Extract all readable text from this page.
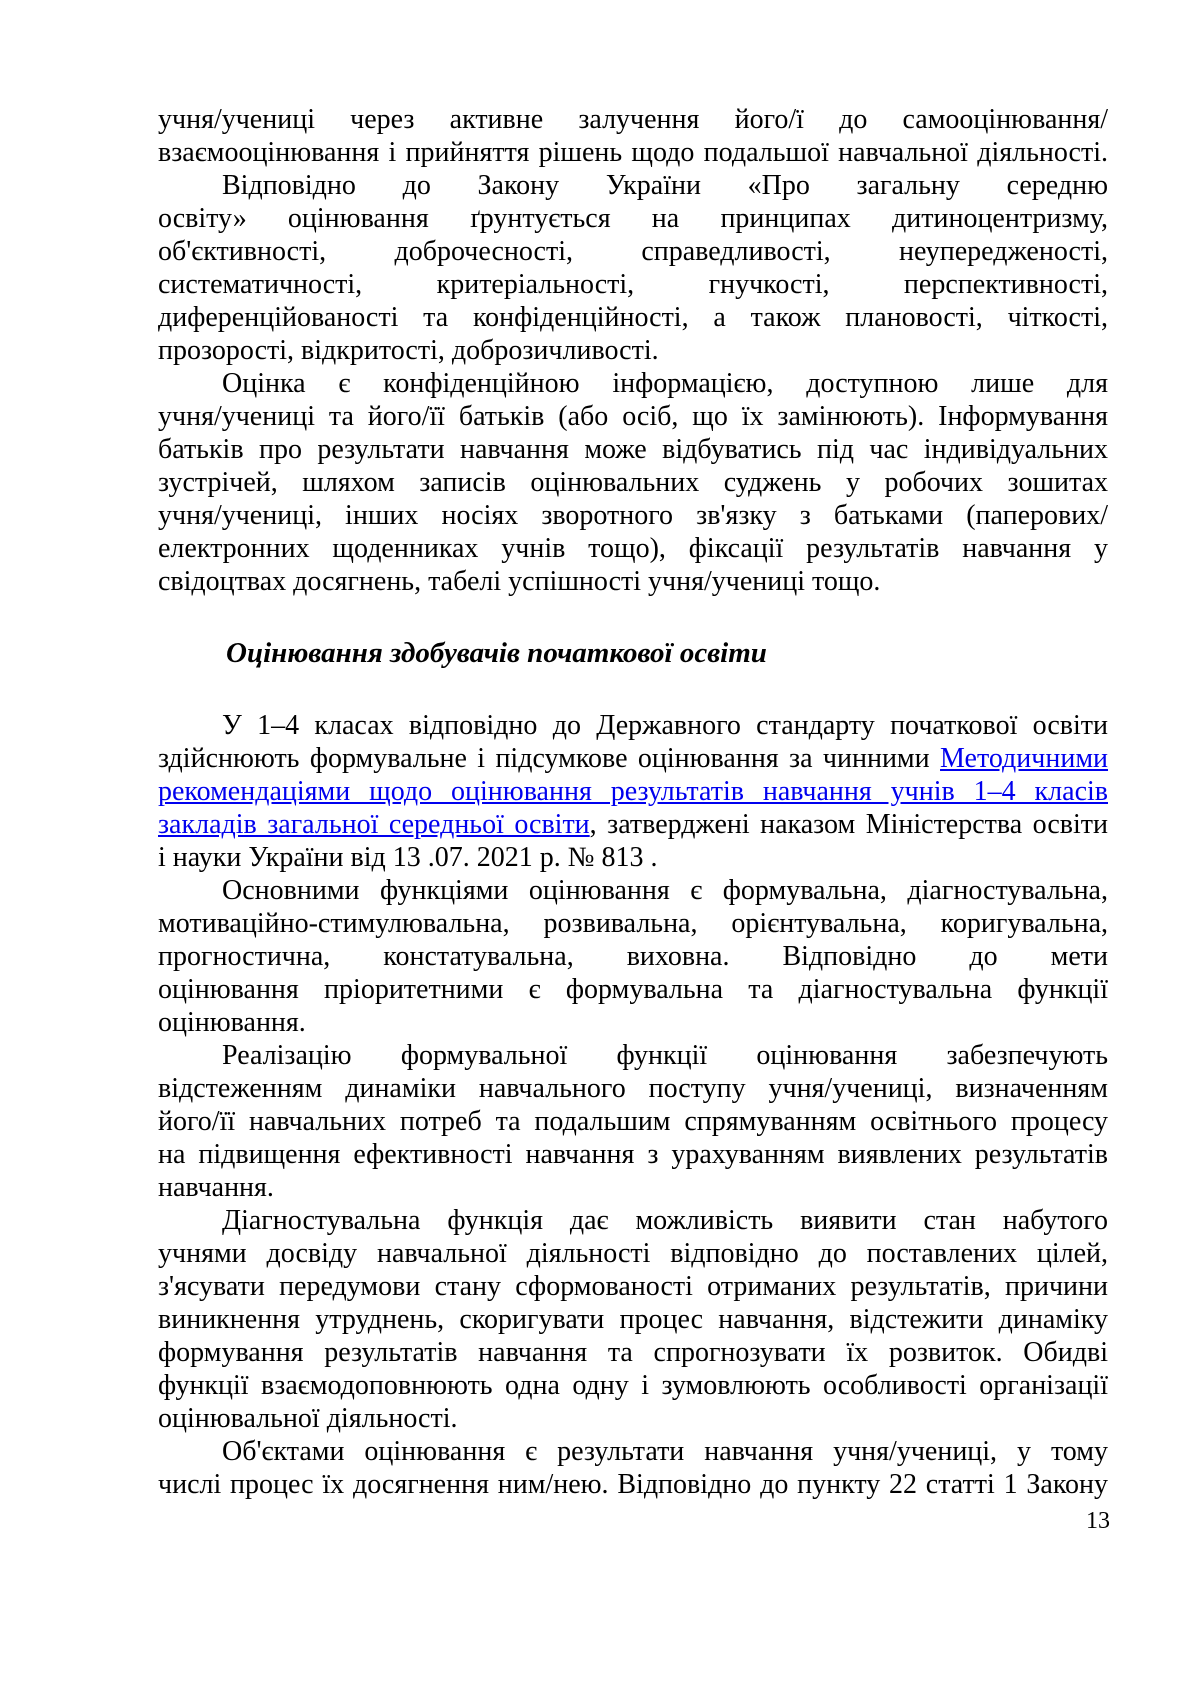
учня/учениці через активне залучення його/ї до самооцінювання/
взаємооцінювання і прийняття рішень щодо подальшої навчальної діяльності.
Відповідно до Закону України «Про загальну середню
освіту» оцінювання ґрунтується на принципах дитиноцентризму,
об'єктивності, доброчесності, справедливості, неупередженості,
систематичності, критеріальності, гнучкості, перспективності,
диференційованості та конфіденційності, а також плановості, чіткості,
прозорості, відкритості, доброзичливості.
Оцінка є конфіденційною інформацією, доступною лише для
учня/учениці та його/її батьків (або осіб, що їх замінюють). Інформування
батьків про результати навчання може відбуватись під час індивідуальних
зустрічей, шляхом записів оцінювальних суджень у робочих зошитах
учня/учениці, інших носіях зворотного зв'язку з батьками (паперових/
електронних щоденниках учнів тощо), фіксації результатів навчання у
свідоцтвах досягнень, табелі успішності учня/учениці тощо.
Оцінювання здобувачів початкової освіти
У 1–4 класах відповідно до Державного стандарту початкової освіти
здійснюють формувальне і підсумкове оцінювання за чинними Методичними
рекомендаціями щодо оцінювання результатів навчання учнів 1–4 класів
закладів загальної середньої освіти, затверджені наказом Міністерства освіти
і науки України від 13 .07. 2021 р. № 813 .
Основними функціями оцінювання є формувальна, діагностувальна,
мотиваційно-стимулювальна, розвивальна, орієнтувальна, коригувальна,
прогностична, констатувальна, виховна. Відповідно до мети
оцінювання пріоритетними є формувальна та діагностувальна функції
оцінювання.
Реалізацію формувальної функції оцінювання забезпечують
відстеженням динаміки навчального поступу учня/учениці, визначенням
його/її навчальних потреб та подальшим спрямуванням освітнього процесу
на підвищення ефективності навчання з урахуванням виявлених результатів
навчання.
Діагностувальна функція дає можливість виявити стан набутого
учнями досвіду навчальної діяльності відповідно до поставлених цілей,
з'ясувати передумови стану сформованості отриманих результатів, причини
виникнення утруднень, скоригувати процес навчання, відстежити динаміку
формування результатів навчання та спрогнозувати їх розвиток. Обидві
функції взаємодоповнюють одна одну і зумовлюють особливості організації
оцінювальної діяльності.
Об'єктами оцінювання є результати навчання учня/учениці, у тому
числі процес їх досягнення ним/нею. Відповідно до пункту 22 статті 1 Закону
13
